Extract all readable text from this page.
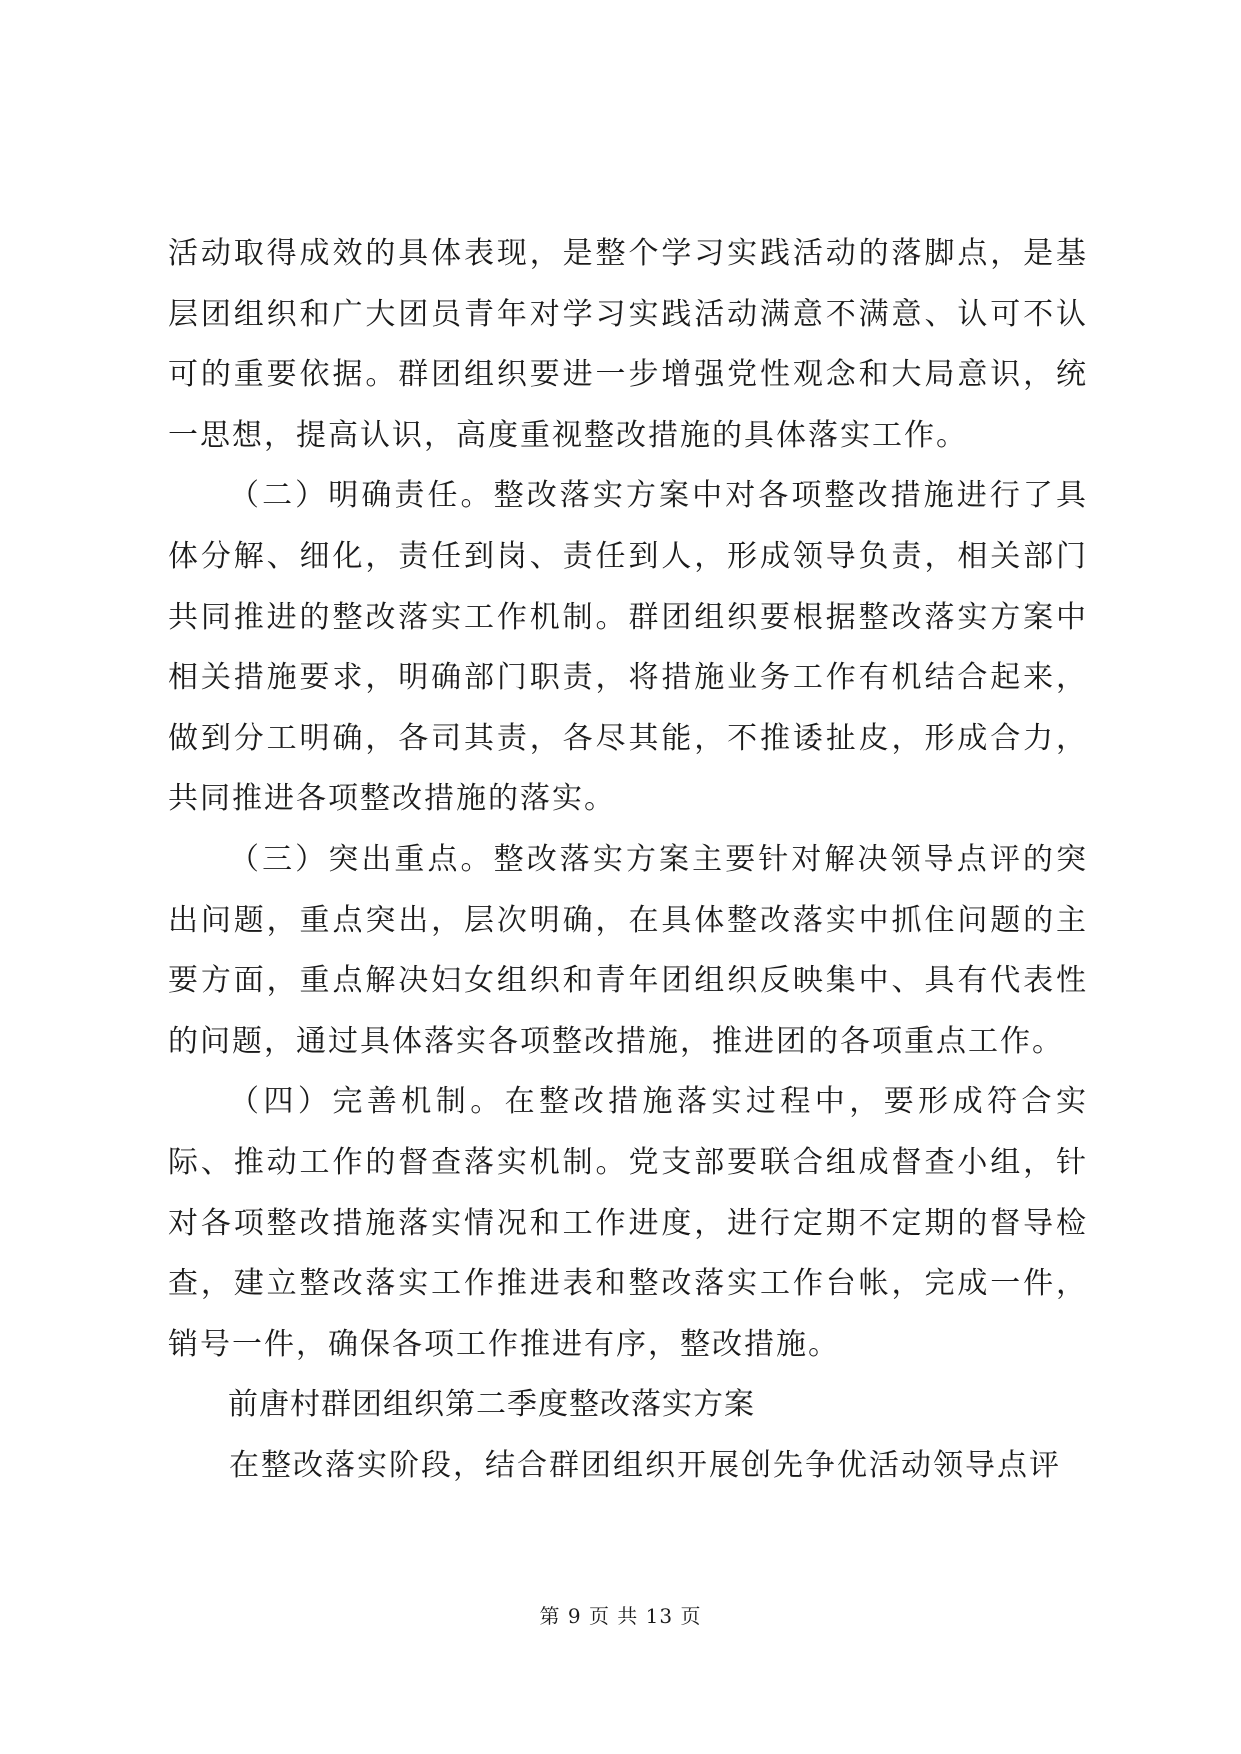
活动取得成效的具体表现，是整个学习实践活动的落脚点，是基层团组织和广大团员青年对学习实践活动满意不满意、认可不认可的重要依据。群团组织要进一步增强党性观念和大局意识，统一思想，提高认识，高度重视整改措施的具体落实工作。

（二）明确责任。整改落实方案中对各项整改措施进行了具体分解、细化，责任到岗、责任到人，形成领导负责，相关部门共同推进的整改落实工作机制。群团组织要根据整改落实方案中相关措施要求，明确部门职责，将措施业务工作有机结合起来，做到分工明确，各司其责，各尽其能，不推诿扯皮，形成合力，共同推进各项整改措施的落实。

（三）突出重点。整改落实方案主要针对解决领导点评的突出问题，重点突出，层次明确，在具体整改落实中抓住问题的主要方面，重点解决妇女组织和青年团组织反映集中、具有代表性的问题，通过具体落实各项整改措施，推进团的各项重点工作。

（四）完善机制。在整改措施落实过程中，要形成符合实际、推动工作的督查落实机制。党支部要联合组成督查小组，针对各项整改措施落实情况和工作进度，进行定期不定期的督导检查，建立整改落实工作推进表和整改落实工作台帐，完成一件，销号一件，确保各项工作推进有序，整改措施。

前唐村群团组织第二季度整改落实方案

在整改落实阶段，结合群团组织开展创先争优活动领导点评

第 9 页 共 13 页
